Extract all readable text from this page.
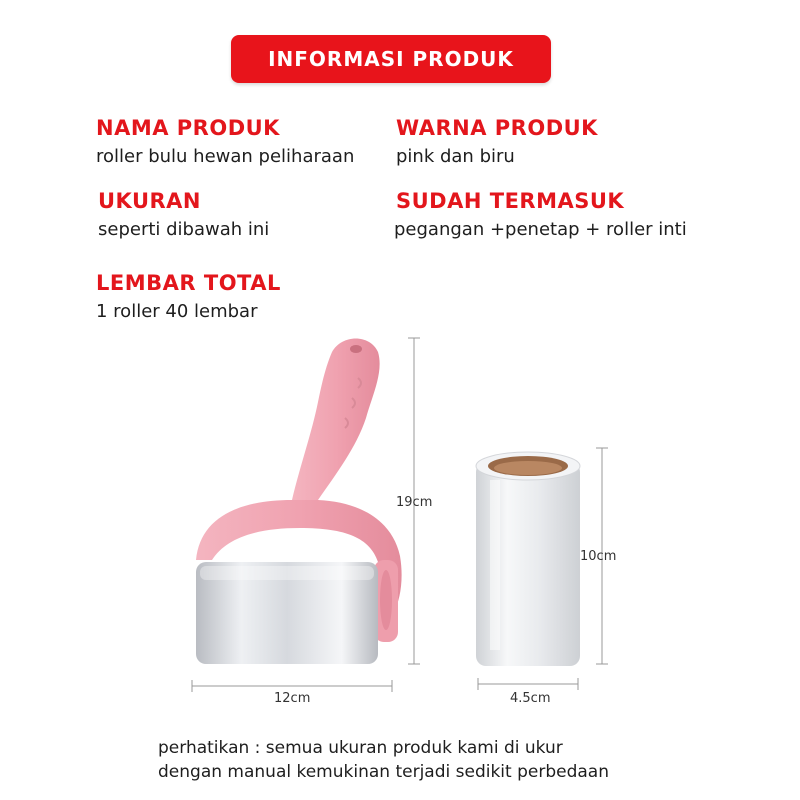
INFORMASI PRODUK
NAMA PRODUK
roller bulu hewan peliharaan
WARNA PRODUK
pink dan biru
UKURAN
seperti dibawah ini
SUDAH TERMASUK
pegangan +penetap + roller inti
LEMBAR TOTAL
1 roller 40 lembar
19cm
12cm
10cm
4.5cm
perhatikan : semua ukuran produk kami di ukur
dengan manual kemukinan terjadi sedikit perbedaan
